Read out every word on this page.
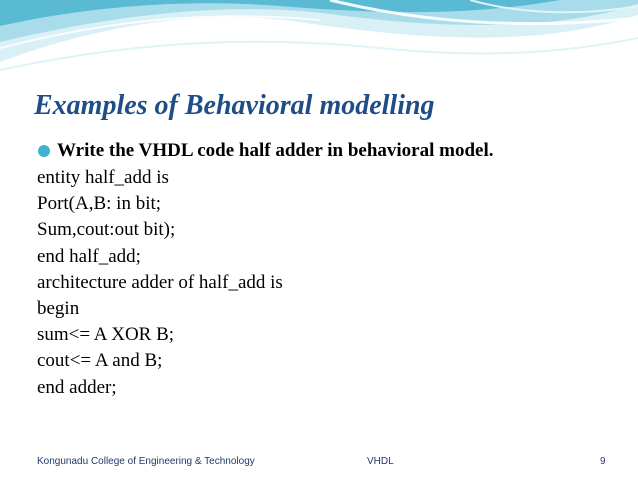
Examples of Behavioral modelling
Write the VHDL code half adder in behavioral model.
entity half_add is
Port(A,B: in bit;
Sum,cout:out bit);
end half_add;
architecture adder of half_add is
begin
sum<= A XOR B;
cout<= A and B;
end adder;
Kongunadu College of Engineering & Technology	VHDL	9
